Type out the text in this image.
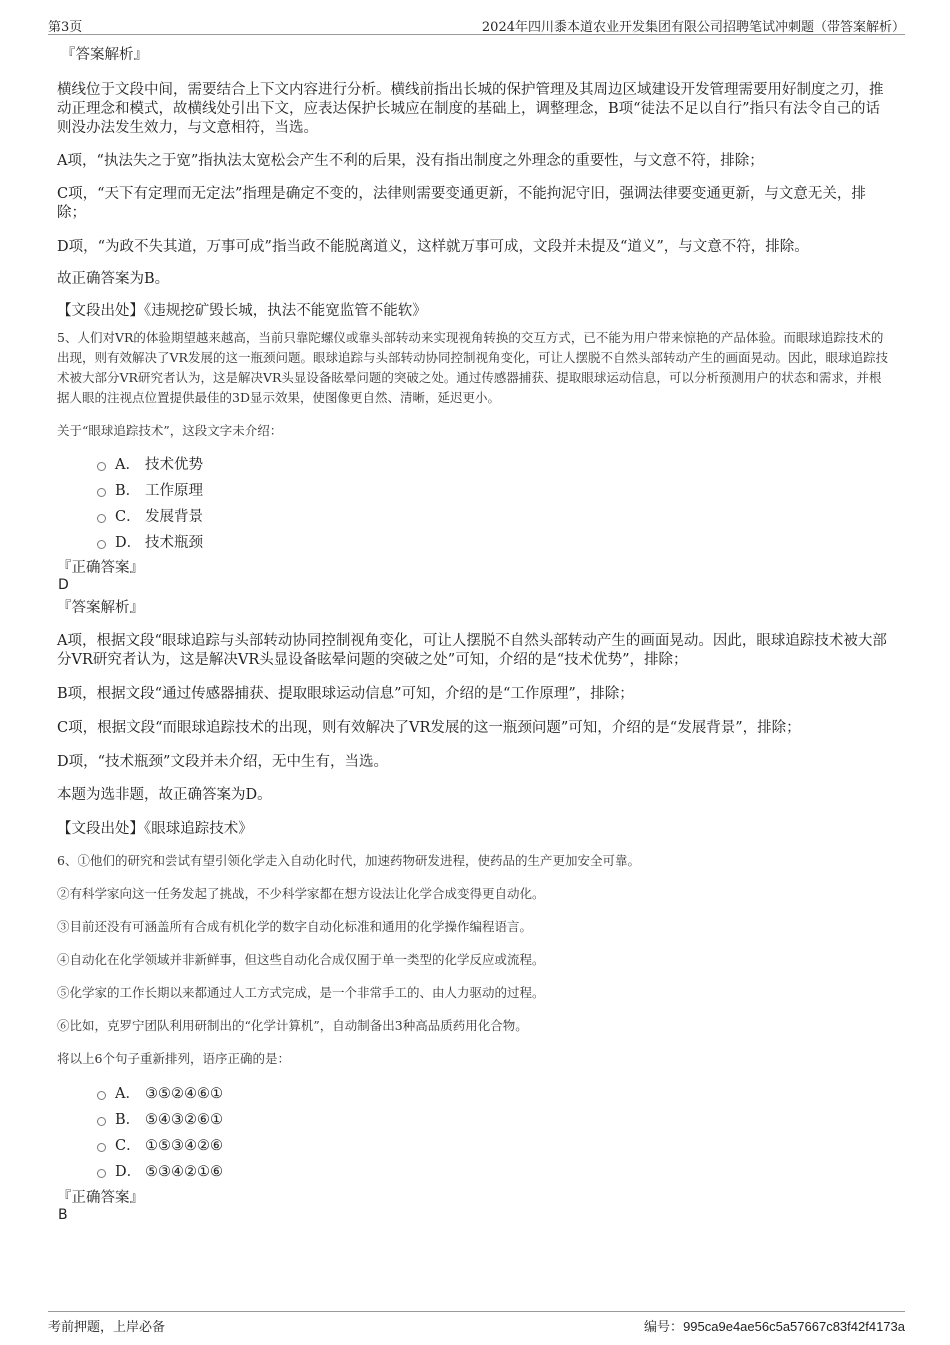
第3页	2024年四川黍本道农业开发集团有限公司招聘笔试冲刺题（带答案解析）
『答案解析』

横线位于文段中间，需要结合上下文内容进行分析。横线前指出长城的保护管理及其周边区域建设开发管理需要用好制度之刃，推动正理念和模式，故横线处引出下文，应表达保护长城应在制度的基础上，调整理念，B项“徒法不足以自行”指只有法令自己的话则没办法发生效力，与文意相符，当选。

A项，“执法失之于宽”指执法太宽松会产生不利的后果，没有指出制度之外理念的重要性，与文意不符，排除；

C项，“天下有定理而无定法”指理是确定不变的，法律则需要变通更新，不能拘泥守旧，强调法律要变通更新，与文意无关，排除；

D项，“为政不失其道，万事可成”指当政不能脱离道义，这样就万事可成，文段并未提及“道义”，与文意不符，排除。

故正确答案为B。

【文段出处】《违规挖矿毁长城，执法不能宽监管不能软》

5、人们对VR的体验期望越来越高，当前只靠陀螺仪或靠头部转动来实现视角转换的交互方式，已不能为用户带来惊艳的产品体验。而眼球追踪技术的出现，则有效解决了VR发展的这一瓶颈问题。眼球追踪与头部转动协同控制视角变化，可让人摆脱不自然头部转动产生的画面晃动。因此，眼球追踪技术被大部分VR研究者认为，这是解决VR头显设备眩晕问题的突破之处。通过传感器捕获、提取眼球运动信息，可以分析预测用户的状态和需求，并根据人眼的注视点位置提供最佳的3D显示效果，使图像更自然、清晰，延迟更小。

关于“眼球追踪技术”，这段文字未介绍：

A． 技术优势
B． 工作原理
C． 发展背景
D． 技术瓶颈
『正确答案』
D
『答案解析』

A项，根据文段“眼球追踪与头部转动协同控制视角变化，可让人摆脱不自然头部转动产生的画面晃动。因此，眼球追踪技术被大部分VR研究者认为，这是解决VR头显设备眩晕问题的突破之处”可知，介绍的是“技术优势”，排除；

B项，根据文段“通过传感器捕获、提取眼球运动信息”可知，介绍的是“工作原理”，排除；

C项，根据文段“而眼球追踪技术的出现，则有效解决了VR发展的这一瓶颈问题”可知，介绍的是“发展背景”，排除；

D项，“技术瓶颈”文段并未介绍，无中生有，当选。

本题为选非题，故正确答案为D。

【文段出处】《眼球追踪技术》

6、①他们的研究和尝试有望引领化学走入自动化时代，加速药物研发进程，使药品的生产更加安全可靠。

②有科学家向这一任务发起了挑战，不少科学家都在想方设法让化学合成变得更自动化。

③目前还没有可涵盖所有合成有机化学的数字自动化标准和通用的化学操作编程语言。

④自动化在化学领域并非新鲜事，但这些自动化合成仅囿于单一类型的化学反应或流程。

⑤化学家的工作长期以来都通过人工方式完成，是一个非常手工的、由人力驱动的过程。

⑥比如，克罗宁团队利用研制出的“化学计算机”，自动制备出3种高品质药用化合物。

将以上6个句子重新排列，语序正确的是：

A． ③⑤②④⑥①
B． ⑤④③②⑥①
C． ①⑤③④②⑥
D． ⑤③④②①⑥
『正确答案』
B
考前押题，上岸必备	编号：995ca9e4ae56c5a57667c83f42f4173a
